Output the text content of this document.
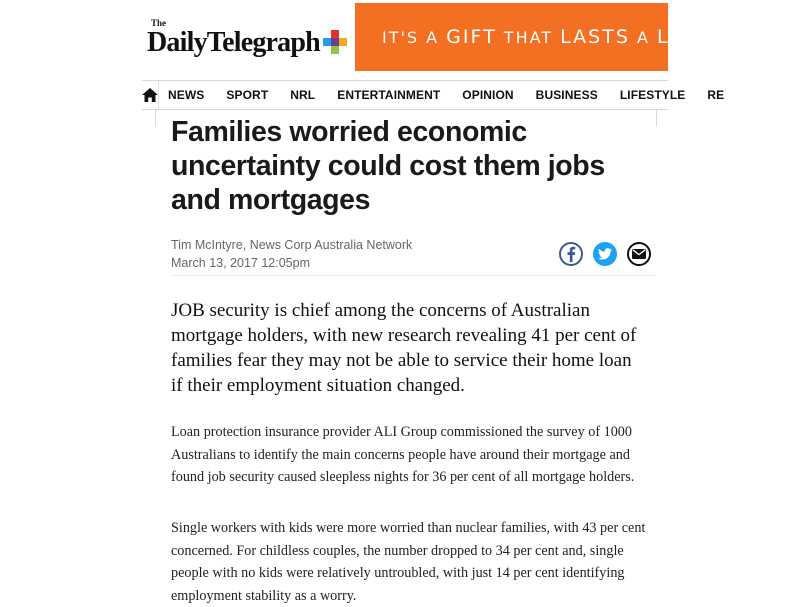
The
DailyTelegraph	IT'S A GIFT THAT LASTS A LI
NEWS	SPORT	NRL	ENTERTAINMENT	OPINION	BUSINESS	LIFESTYLE	RE
Families worried economic uncertainty could cost them jobs and mortgages
Tim McIntyre, News Corp Australia Network
March 13, 2017 12:05pm

JOB security is chief among the concerns of Australian mortgage holders, with new research revealing 41 per cent of families fear they may not be able to service their home loan if their employment situation changed.

Loan protection insurance provider ALI Group commissioned the survey of 1000 Australians to identify the main concerns people have around their mortgage and found job security caused sleepless nights for 36 per cent of all mortgage holders.

Single workers with kids were more worried than nuclear families, with 43 per cent concerned. For childless couples, the number dropped to 34 per cent and, single people with no kids were relatively untroubled, with just 14 per cent identifying employment stability as a worry.
